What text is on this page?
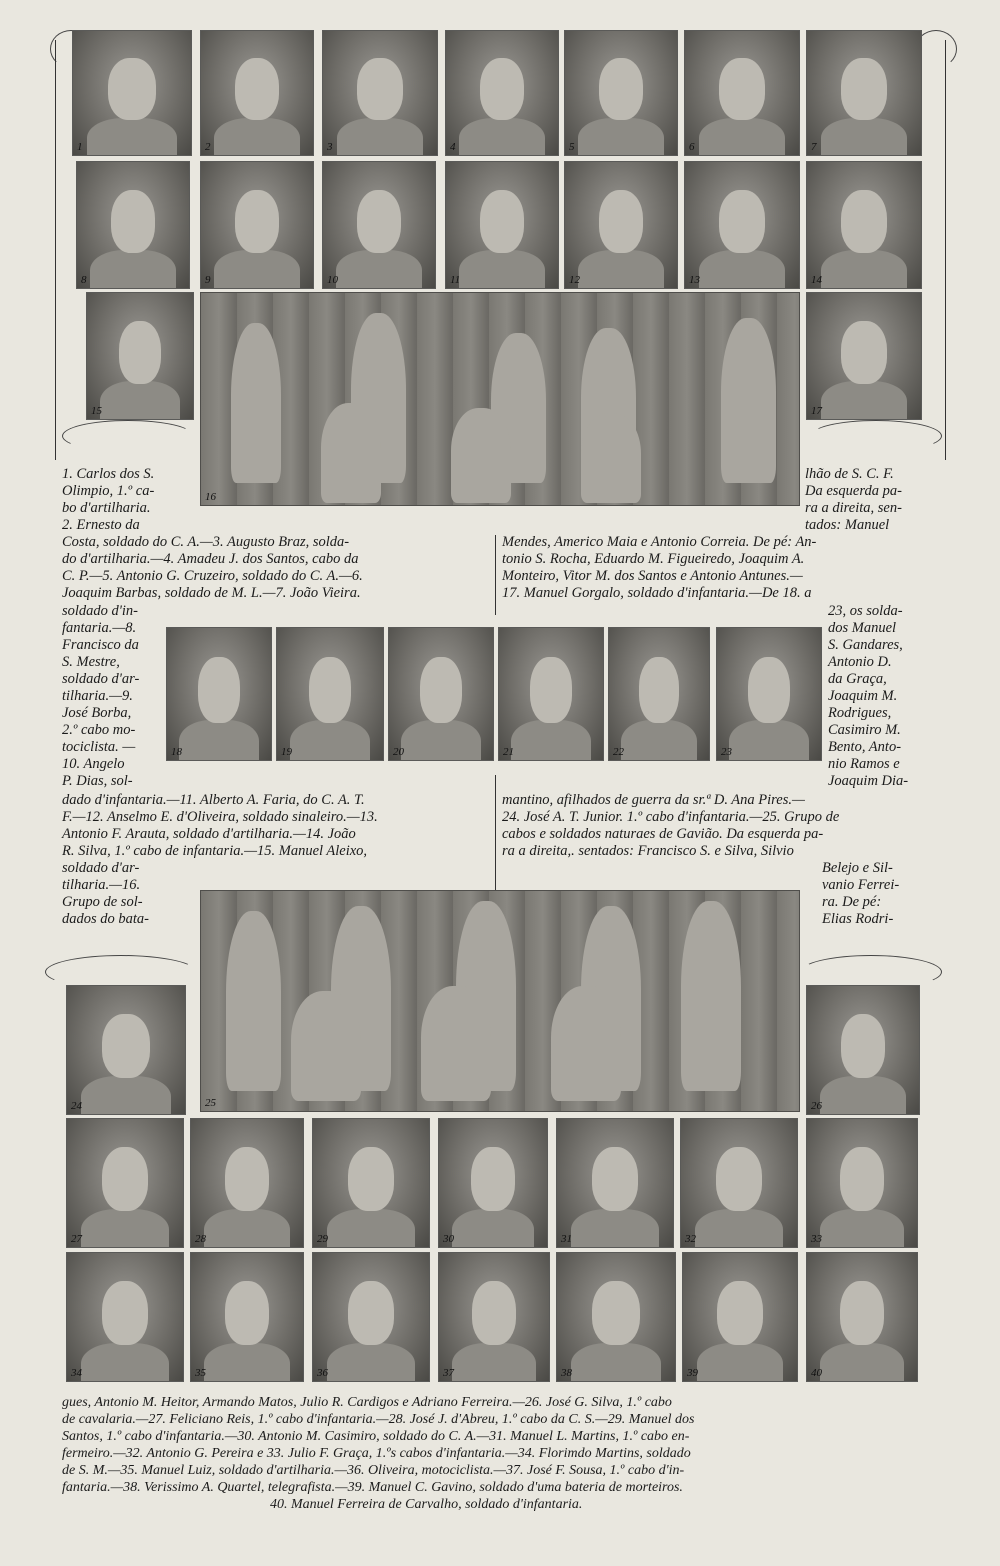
1	2	3	4	5	6	7
8	9	10	11	12	13	14
15
16
17

1. Carlos dos S.
Olimpio, 1.º ca-
bo d'artilharia.
2. Ernesto da

lhão de S. C. F.
Da esquerda pa-
ra a direita, sen-
tados: Manuel

Costa, soldado do C. A.—3. Augusto Braz, solda-
do d'artilharia.—4. Amadeu J. dos Santos, cabo da
C. P.—5. Antonio G. Cruzeiro, soldado do C. A.—6.
Joaquim Barbas, soldado de M. L.—7. João Vieira.

Mendes, Americo Maia e Antonio Correia. De pé: An-
tonio S. Rocha, Eduardo M. Figueiredo, Joaquim A.
Monteiro, Vitor M. dos Santos e Antonio Antunes.—
17. Manuel Gorgalo, soldado d'infantaria.—De 18. a

soldado d'in-
fantaria.—8.
Francisco da
S. Mestre,
soldado d'ar-
tilharia.—9.
José Borba,
2.º cabo mo-
tociclista. —
10. Angelo
P. Dias, sol-

23, os solda-
dos Manuel
S. Gandares,
Antonio D.
da Graça,
Joaquim M.
Rodrigues,
Casimiro M.
Bento, Anto-
nio Ramos e
Joaquim Dia-

18	19	20	21	22	23

dado d'infantaria.—11. Alberto A. Faria, do C. A. T.
F.—12. Anselmo E. d'Oliveira, soldado sinaleiro.—13.
Antonio F. Arauta, soldado d'artilharia.—14. João
R. Silva, 1.º cabo de infantaria.—15. Manuel Aleixo,

mantino, afilhados de guerra da sr.ª D. Ana Pires.—
24. José A. T. Junior. 1.º cabo d'infantaria.—25. Grupo de
cabos e soldados naturaes de Gavião. Da esquerda pa-
ra a direita,. sentados: Francisco S. e Silva, Silvio

soldado d'ar-
tilharia.—16.
Grupo de sol-
dados do bata-

Belejo e Sil-
vanio Ferrei-
ra. De pé:
Elias Rodri-

24	25	26
27	28	29	30	31	32	33
34	35	36	37	38	39	40

gues, Antonio M. Heitor, Armando Matos, Julio R. Cardigos e Adriano Ferreira.—26. José G. Silva, 1.º cabo
de cavalaria.—27. Feliciano Reis, 1.º cabo d'infantaria.—28. José J. d'Abreu, 1.º cabo da C. S.—29. Manuel dos
Santos, 1.º cabo d'infantaria.—30. Antonio M. Casimiro, soldado do C. A.—31. Manuel L. Martins, 1.º cabo en-
fermeiro.—32. Antonio G. Pereira e 33. Julio F. Graça, 1.ºs cabos d'infantaria.—34. Florimdo Martins, soldado
de S. M.—35. Manuel Luiz, soldado d'artilharia.—36. Oliveira, motociclista.—37. José F. Sousa, 1.º cabo d'in-
fantaria.—38. Verissimo A. Quartel, telegrafista.—39. Manuel C. Gavino, soldado d'uma bateria de morteiros.

40. Manuel Ferreira de Carvalho, soldado d'infantaria.
